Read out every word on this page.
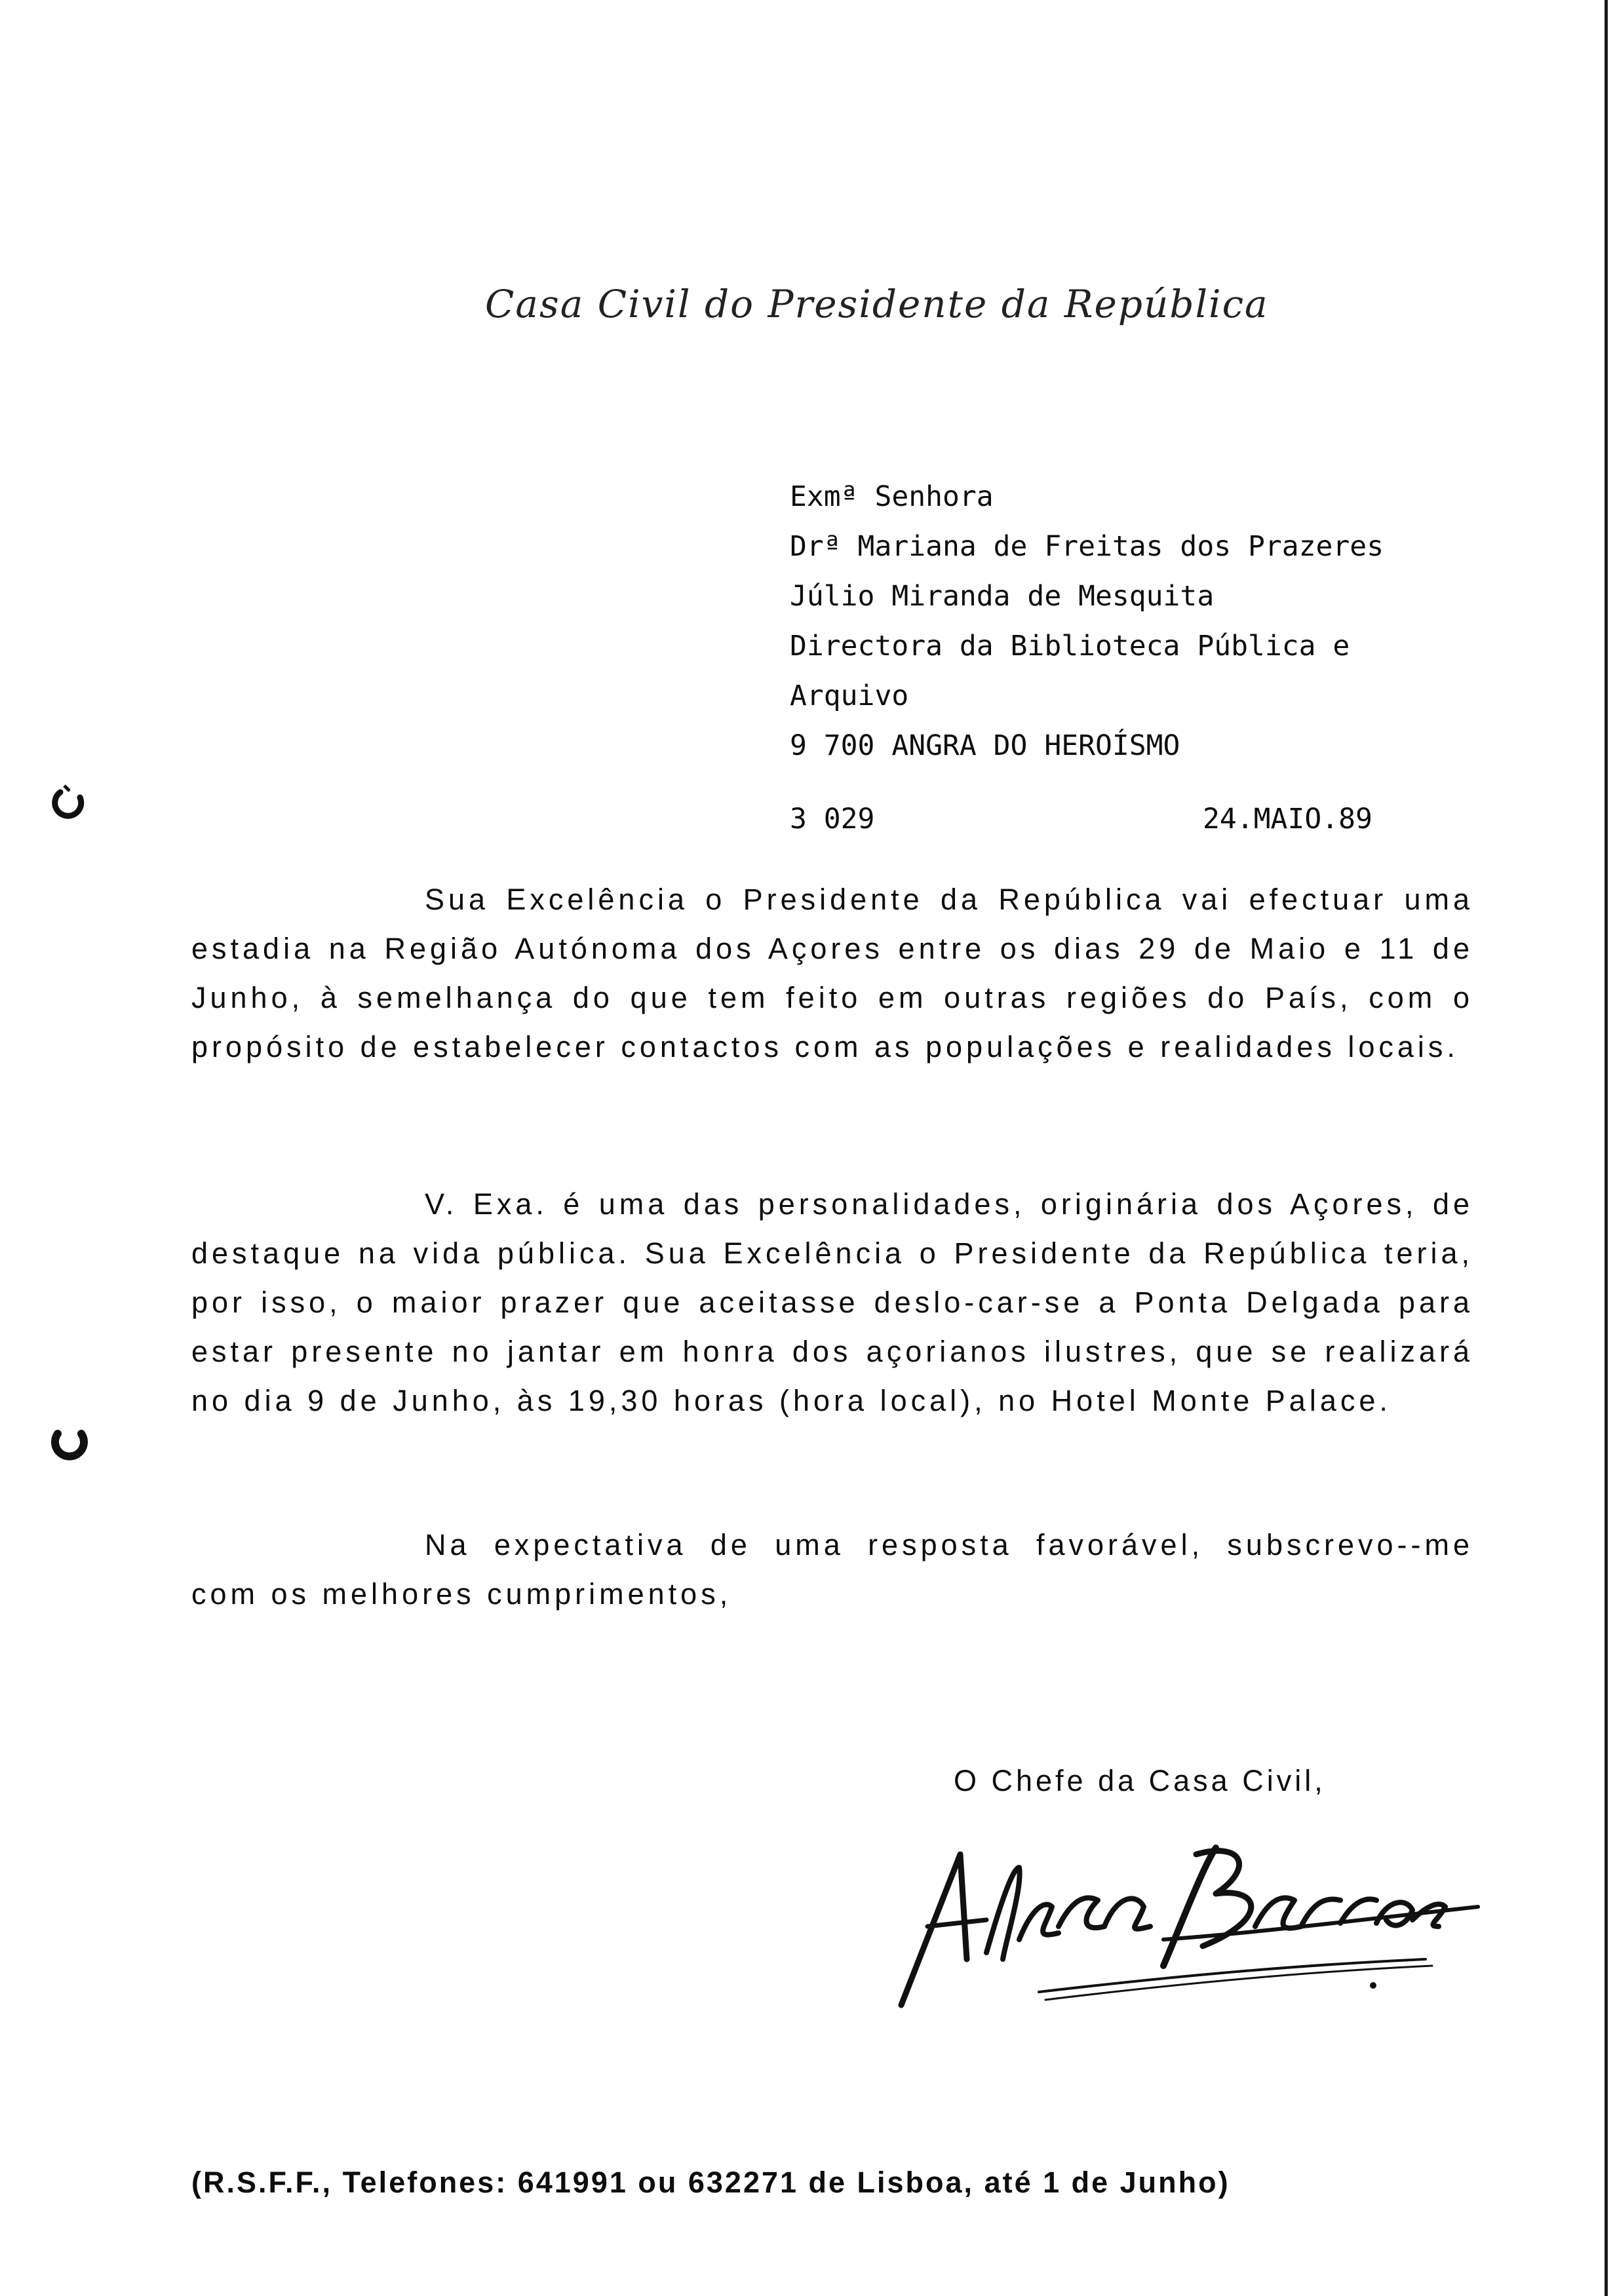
Casa Civil do Presidente da República
Exmª Senhora
Drª Mariana de Freitas dos Prazeres
Júlio Miranda de Mesquita
Directora da Biblioteca Pública e
Arquivo
9 700 ANGRA DO HEROÍSMO
3 029	24.MAIO.89
Sua Excelência o Presidente da República vai efectuar uma estadia na Região Autónoma dos Açores entre os dias 29 de Maio e 11 de Junho, à semelhança do que tem feito em outras regiões do País, com o propósito de estabelecer contactos com as populações e realidades locais.
V. Exa. é uma das personalidades, originária dos Açores, de destaque na vida pública. Sua Excelência o Presidente da República teria, por isso, o maior prazer que aceitasse deslo-car-se a Ponta Delgada para estar presente no jantar em honra dos açorianos ilustres, que se realizará no dia 9 de Junho, às 19,30 horas (hora local), no Hotel Monte Palace.
Na expectativa de uma resposta favorável, subscrevo--me com os melhores cumprimentos,
O Chefe da Casa Civil,
(R.S.F.F., Telefones: 641991 ou 632271 de Lisboa, até 1 de Junho)
